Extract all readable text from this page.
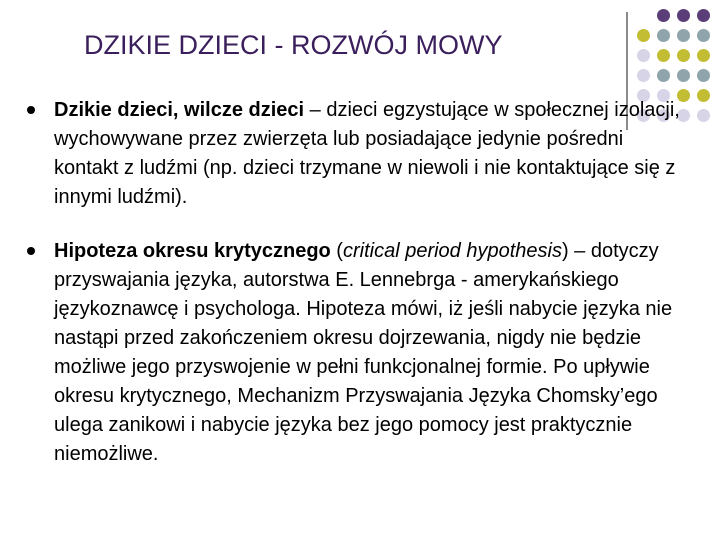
DZIKIE DZIECI - ROZWÓJ MOWY
Dzikie dzieci, wilcze dzieci – dzieci egzystujące w społecznej izolacji, wychowywane przez zwierzęta lub posiadające jedynie pośredni kontakt z ludźmi (np. dzieci trzymane w niewoli i nie kontaktujące się z innymi ludźmi).
Hipoteza okresu krytycznego (critical period hypothesis) – dotyczy przyswajania języka, autorstwa E. Lennebrga - amerykańskiego językoznawcę i psychologa. Hipoteza mówi, iż jeśli nabycie języka nie nastąpi przed zakończeniem okresu dojrzewania, nigdy nie będzie możliwe jego przyswojenie w pełni funkcjonalnej formie. Po upływie okresu krytycznego, Mechanizm Przyswajania Języka Chomsky’ego ulega zanikowi i nabycie języka bez jego pomocy jest praktycznie niemożliwe.
